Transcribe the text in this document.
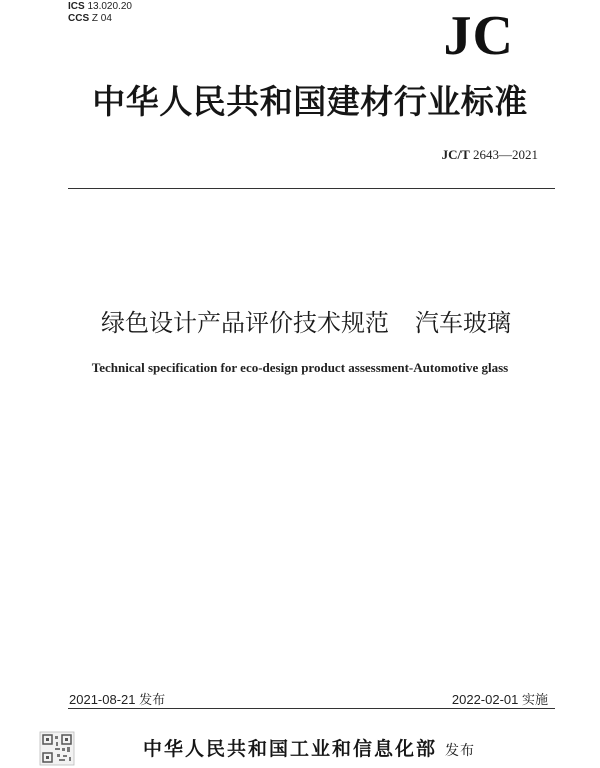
ICS 13.020.20
CCS Z 04	JC
中华人民共和国建材行业标准
JC/T 2643—2021
绿色设计产品评价技术规范 汽车玻璃
Technical specification for eco-design product assessment-Automotive glass
2021-08-21 发布	2022-02-01 实施
中华人民共和国工业和信息化部 发布
